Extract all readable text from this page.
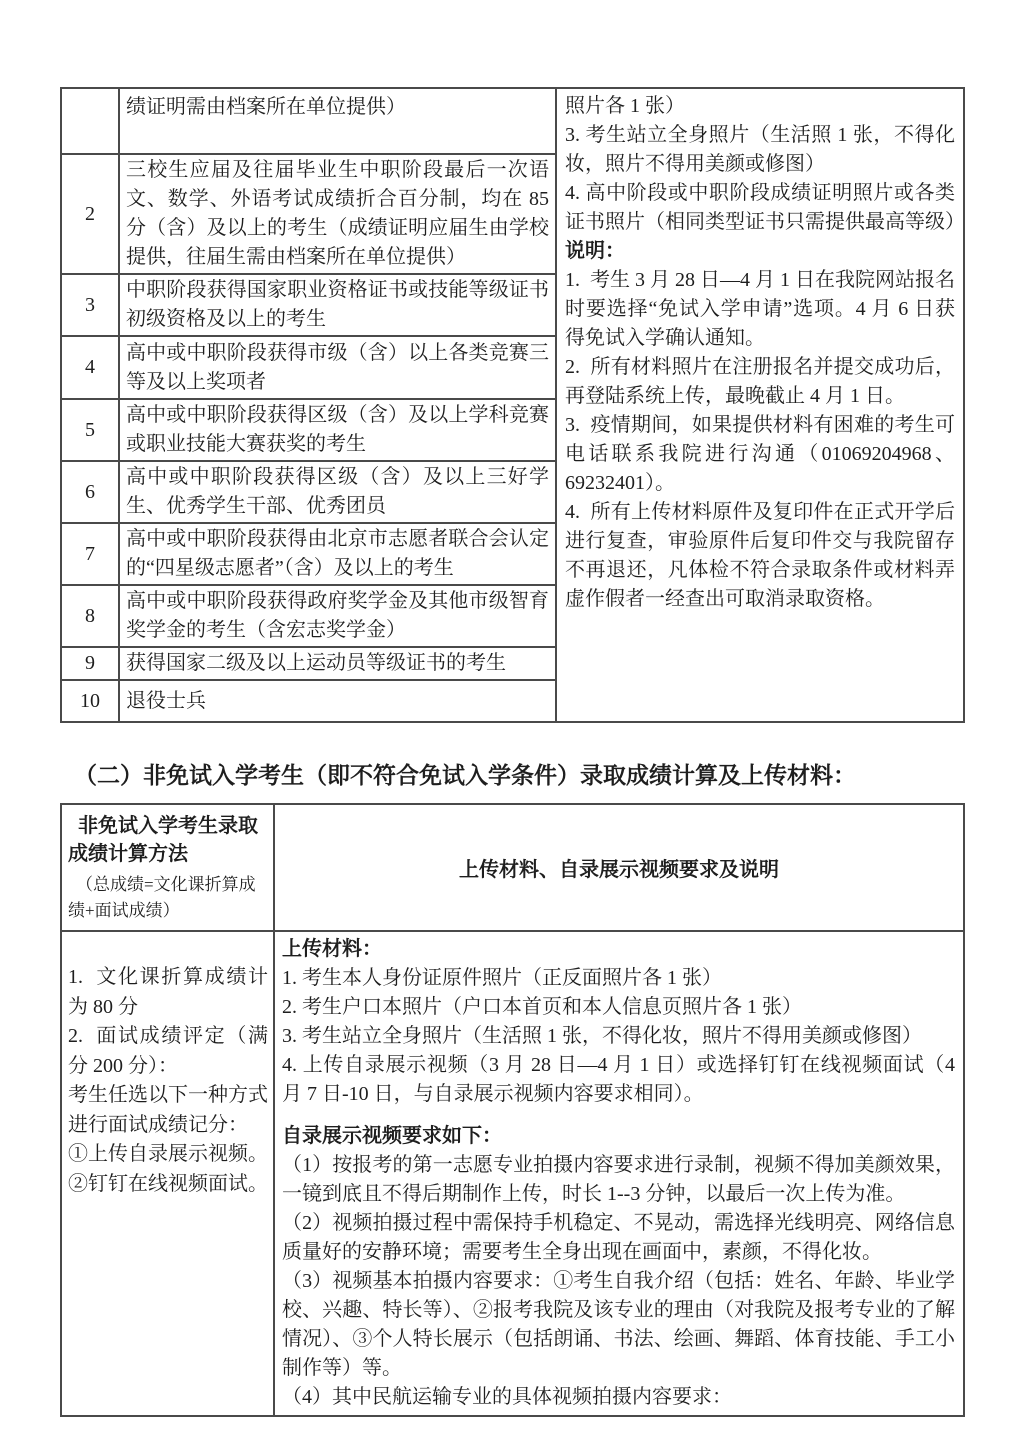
绩证明需由档案所在单位提供）
2
三校生应届及往届毕业生中职阶段最后一次语文、数学、外语考试成绩折合百分制，均在 85 分（含）及以上的考生（成绩证明应届生由学校提供，往届生需由档案所在单位提供）
3
中职阶段获得国家职业资格证书或技能等级证书初级资格及以上的考生
4
高中或中职阶段获得市级（含）以上各类竞赛三等及以上奖项者
5
高中或中职阶段获得区级（含）及以上学科竞赛或职业技能大赛获奖的考生
6
高中或中职阶段获得区级（含）及以上三好学生、优秀学生干部、优秀团员
7
高中或中职阶段获得由北京市志愿者联合会认定的“四星级志愿者”（含）及以上的考生
8
高中或中职阶段获得政府奖学金及其他市级智育奖学金的考生（含宏志奖学金）
9	获得国家二级及以上运动员等级证书的考生
10	退役士兵

照片各 1 张）

3. 考生站立全身照片（生活照 1 张，不得化妆，照片不得用美颜或修图）

4. 高中阶段或中职阶段成绩证明照片或各类证书照片（相同类型证书只需提供最高等级）

说明：

1.  考生 3 月 28 日—4 月 1 日在我院网站报名时要选择“免试入学申请”选项。4 月 6 日获得免试入学确认通知。

2.  所有材料照片在注册报名并提交成功后，再登陆系统上传，最晚截止 4 月 1 日。

3.  疫情期间，如果提供材料有困难的考生可电话联系我院进行沟通（01069204968、69232401）。

4.  所有上传材料原件及复印件在正式开学后进行复查，审验原件后复印件交与我院留存不再退还，凡体检不符合录取条件或材料弄虚作假者一经查出可取消录取资格。

（二）非免试入学考生（即不符合免试入学条件）录取成绩计算及上传材料：
非免试入学考生录取成绩计算方法
（总成绩=文化课折算成绩+面试成绩）
上传材料、自录展示视频要求及说明

1.  文化课折算成绩计为 80 分

2.  面试成绩评定（满分 200 分）：

考生任选以下一种方式进行面试成绩记分：

①上传自录展示视频。

②钉钉在线视频面试。

上传材料：

1. 考生本人身份证原件照片（正反面照片各 1 张）

2. 考生户口本照片（户口本首页和本人信息页照片各 1 张）

3. 考生站立全身照片（生活照 1 张，不得化妆，照片不得用美颜或修图）

4. 上传自录展示视频（3 月 28 日—4 月 1 日）或选择钉钉在线视频面试（4 月 7 日-10 日，与自录展示视频内容要求相同）。

自录展示视频要求如下：

（1）按报考的第一志愿专业拍摄内容要求进行录制，视频不得加美颜效果，一镜到底且不得后期制作上传，时长 1--3 分钟，以最后一次上传为准。

（2）视频拍摄过程中需保持手机稳定、不晃动，需选择光线明亮、网络信息质量好的安静环境；需要考生全身出现在画面中，素颜，不得化妆。

（3）视频基本拍摄内容要求：①考生自我介绍（包括：姓名、年龄、毕业学校、兴趣、特长等）、②报考我院及该专业的理由（对我院及报考专业的了解情况）、③个人特长展示（包括朗诵、书法、绘画、舞蹈、体育技能、手工小制作等）等。

（4）其中民航运输专业的具体视频拍摄内容要求：
